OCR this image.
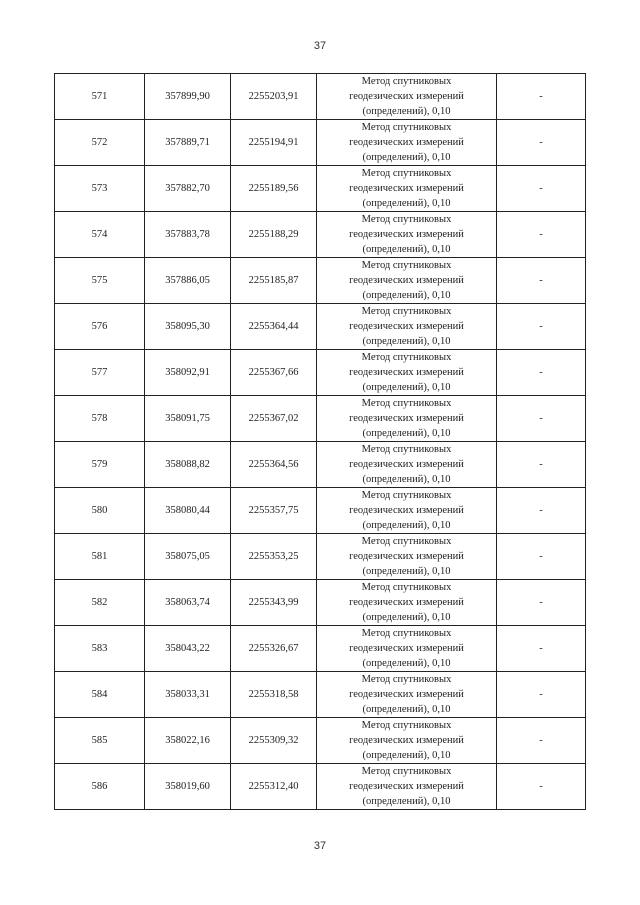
37
571	357899,90	2255203,91	Метод спутниковых
геодезических измерений
(определений), 0,10	-
572	357889,71	2255194,91	Метод спутниковых
геодезических измерений
(определений), 0,10	-
573	357882,70	2255189,56	Метод спутниковых
геодезических измерений
(определений), 0,10	-
574	357883,78	2255188,29	Метод спутниковых
геодезических измерений
(определений), 0,10	-
575	357886,05	2255185,87	Метод спутниковых
геодезических измерений
(определений), 0,10	-
576	358095,30	2255364,44	Метод спутниковых
геодезических измерений
(определений), 0,10	-
577	358092,91	2255367,66	Метод спутниковых
геодезических измерений
(определений), 0,10	-
578	358091,75	2255367,02	Метод спутниковых
геодезических измерений
(определений), 0,10	-
579	358088,82	2255364,56	Метод спутниковых
геодезических измерений
(определений), 0,10	-
580	358080,44	2255357,75	Метод спутниковых
геодезических измерений
(определений), 0,10	-
581	358075,05	2255353,25	Метод спутниковых
геодезических измерений
(определений), 0,10	-
582	358063,74	2255343,99	Метод спутниковых
геодезических измерений
(определений), 0,10	-
583	358043,22	2255326,67	Метод спутниковых
геодезических измерений
(определений), 0,10	-
584	358033,31	2255318,58	Метод спутниковых
геодезических измерений
(определений), 0,10	-
585	358022,16	2255309,32	Метод спутниковых
геодезических измерений
(определений), 0,10	-
586	358019,60	2255312,40	Метод спутниковых
геодезических измерений
(определений), 0,10	-
37
